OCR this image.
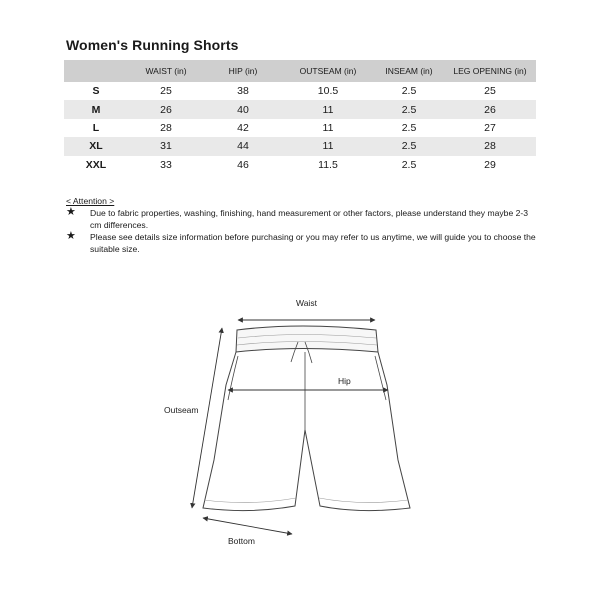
Women's Running Shorts
	WAIST (in)	HIP (in)	OUTSEAM (in)	INSEAM (in)	LEG OPENING (in)
S	25	38	10.5	2.5	25
M	26	40	11	2.5	26
L	28	42	11	2.5	27
XL	31	44	11	2.5	28
XXL	33	46	11.5	2.5	29
< Attention >
★ Due to fabric properties, washing, finishing, hand measurement or other factors, please understand they maybe 2-3 cm differences.
★ Please see details size information before purchasing or you may refer to us anytime, we will guide you to choose the suitable size.
Waist
Hip
Outseam
Bottom
